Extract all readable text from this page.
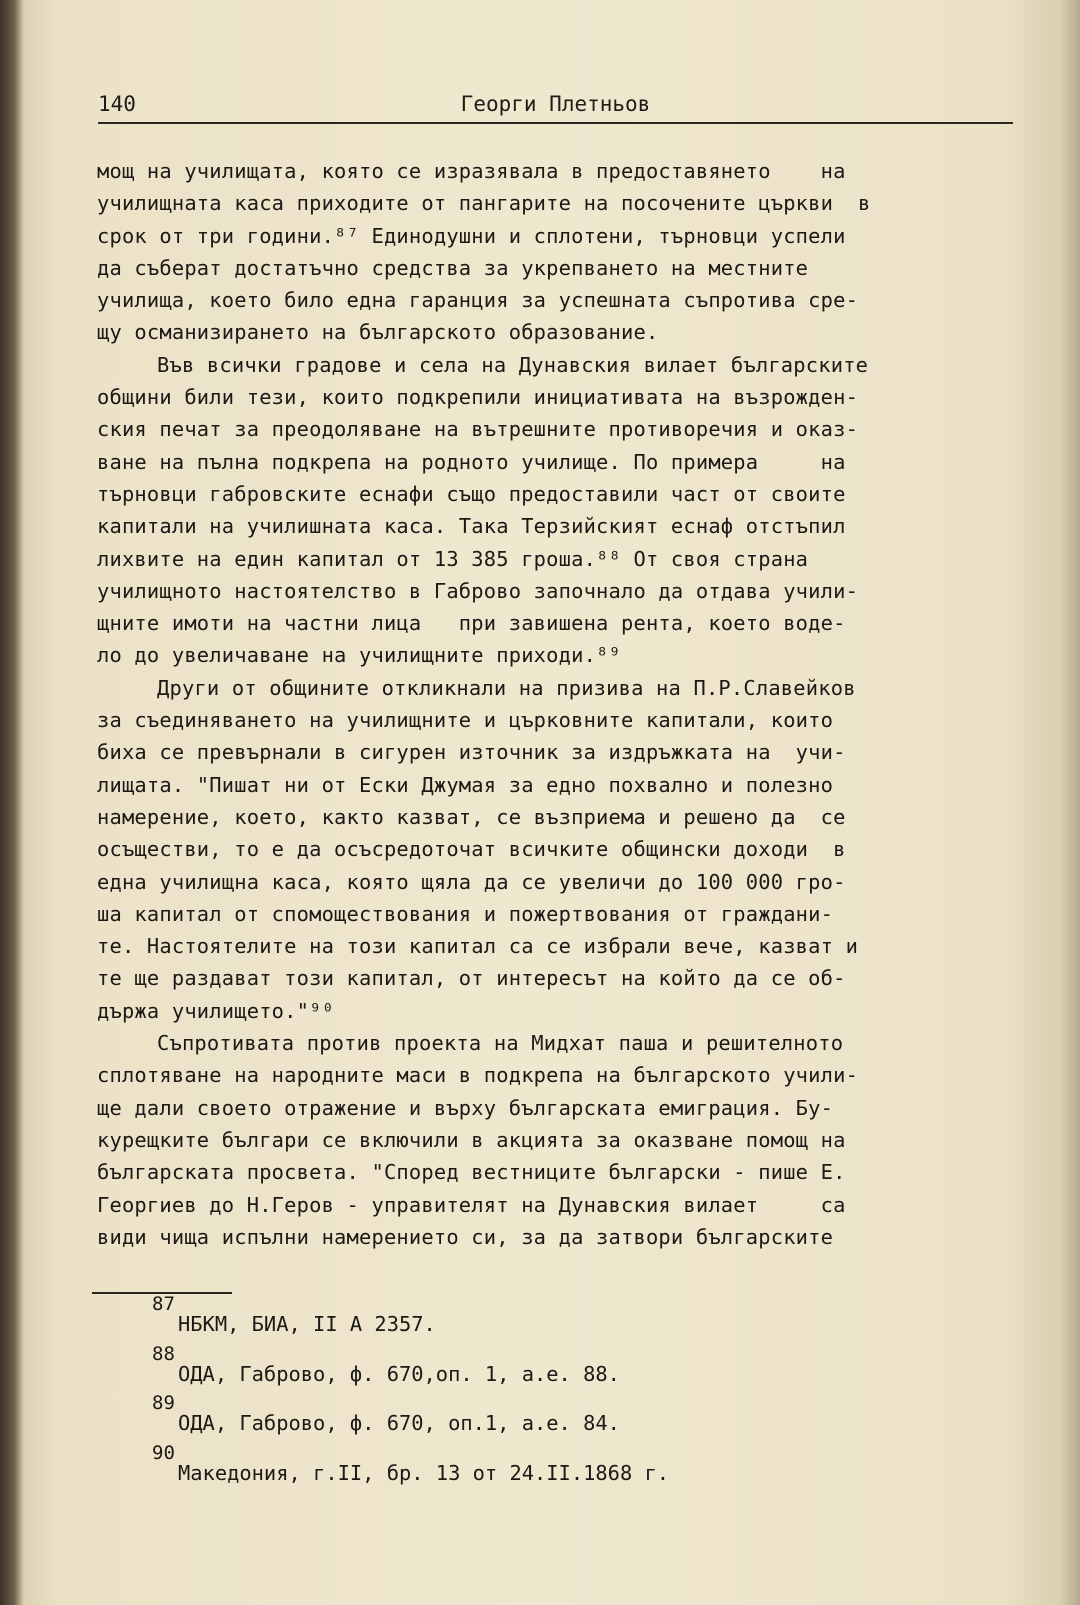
140	Георги Плетньов
мощ на училищата, която се изразявала в предоставянето    на
училищната каса приходите от пангарите на посочените църкви  в
срок от три години.⁸⁷ Единодушни и сплотени, търновци успели
да съберат достатъчно средства за укрепването на местните
училища, което било една гаранция за успешната съпротива сре-
щу османизирането на българското образование.
Във всички градове и села на Дунавския вилает българските
общини били тези, които подкрепили инициативата на възрожден-
ския печат за преодоляване на вътрешните противоречия и оказ-
ване на пълна подкрепа на родното училище. По примера     на
търновци габровските еснафи също предоставили част от своите
капитали на училишната каса. Така Терзийският еснаф отстъпил
лихвите на един капитал от 13 385 гроша.⁸⁸ От своя страна
училищното настоятелство в Габрово започнало да отдава учили-
щните имоти на частни лица   при завишена рента, което воде-
ло до увеличаване на училищните приходи.⁸⁹
Други от общините откликнали на призива на П.Р.Славейков
за съединяването на училищните и църковните капитали, които
биха се превърнали в сигурен източник за издръжката на  учи-
лищата. "Пишат ни от Ески Джумая за едно похвално и полезно
намерение, което, както казват, се възприема и решено да  се
осъществи, то е да осъсредоточат всичките общински доходи  в
една училищна каса, която щяла да се увеличи до 100 000 гро-
ша капитал от спомоществования и пожертвования от граждани-
те. Настоятелите на този капитал са се избрали вече, казват и
те ще раздават този капитал, от интересът на който да се об-
държа училището."⁹⁰
Съпротивата против проекта на Мидхат паша и решителното
сплотяване на народните маси в подкрепа на българското учили-
ще дали своето отражение и върху българската емиграция. Бу-
курещките българи се включили в акцията за оказване помощ на
българската просвета. "Според вестниците български - пише Е.
Георгиев до Н.Геров - управителят на Дунавския вилает     са
види чища испълни намерението си, за да затвори българските
87
НБКМ, БИА, II А 2357.
88
ОДА, Габрово, ф. 670,оп. 1, а.е. 88.
89
ОДА, Габрово, ф. 670, оп.1, а.е. 84.
90
Македония, г.II, бр. 13 от 24.II.1868 г.
